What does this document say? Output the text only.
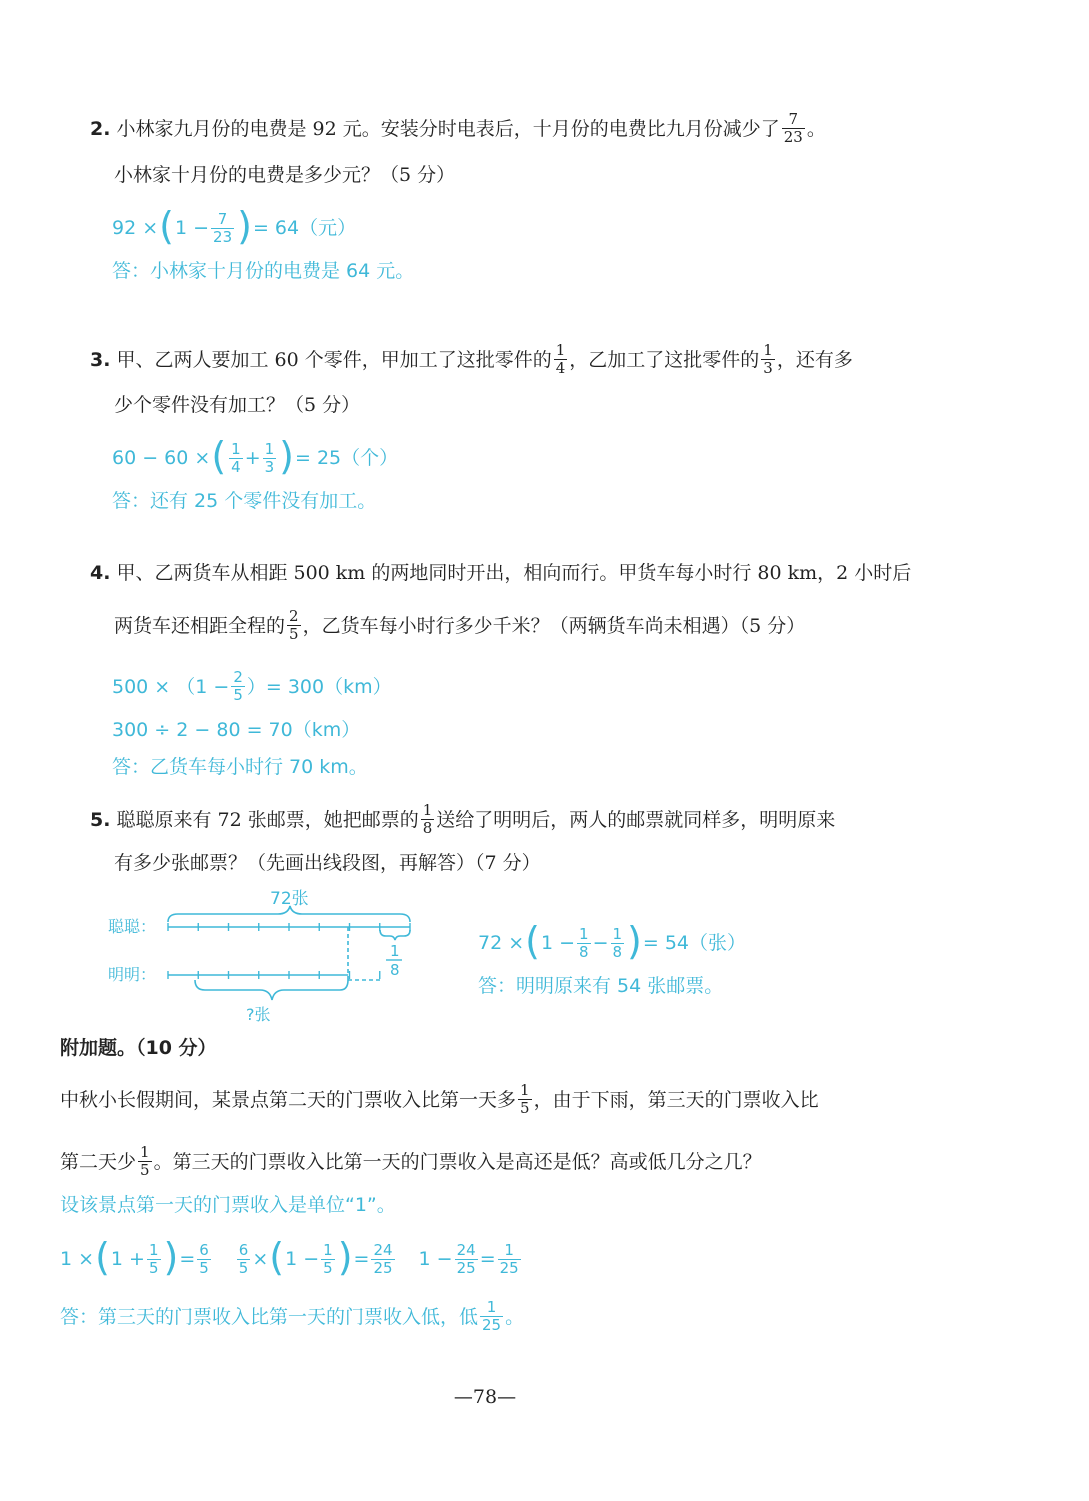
2. 小林家九月份的电费是 92 元。安装分时电表后，十月份的电费比九月份减少了 $\frac{7}{23}$ 。
小林家十月份的电费是多少元？（5 分）
92 × ( $1 - \frac{7}{23}$ ) = 64（元）
答：小林家十月份的电费是 64 元。
3. 甲、乙两人要加工 60 个零件，甲加工了这批零件的 $\frac{1}{4}$ ，乙加工了这批零件的 $\frac{1}{3}$ ，还有多
少个零件没有加工？（5 分）
60 − 60 × ( $\frac{1}{4} + \frac{1}{3}$ ) = 25（个）
答：还有 25 个零件没有加工。
4. 甲、乙两货车从相距 500 km 的两地同时开出，相向而行。甲货车每小时行 80 km，2 小时后
两货车还相距全程的 $\frac{2}{5}$ ，乙货车每小时行多少千米？（两辆货车尚未相遇）（5 分）
$500 \times (1 - \frac{2}{5}$ ）= 300（km）
300 ÷ 2 − 80 = 70（km）
答：乙货车每小时行 70 km。
5. 聪聪原来有 72 张邮票，她把邮票的 $\frac{1}{8}$ 送给了明明后，两人的邮票就同样多，明明原来
有多少张邮票？（先画出线段图，再解答）（7 分）
72张
聪聪：
明明：
1
8
?张
72 × ( $1 - \frac{1}{8} - \frac{1}{8}$ ) = 54（张）
答：明明原来有 54 张邮票。
附加题。（10 分）
中秋小长假期间，某景点第二天的门票收入比第一天多 $\frac{1}{5}$ ，由于下雨，第三天的门票收入比
第二天少 $\frac{1}{5}$ 。第三天的门票收入比第一天的门票收入是高还是低？高或低几分之几？
设该景点第一天的门票收入是单位“1”。
1 × ( $1 + \frac{1}{5}$ ) = $\frac{6}{5} \frac{6}{5}$ × ( $1 - \frac{1}{5}$ ) = $\frac{24}{25} 1 - \frac{24}{25} = \frac{1}{25}$
答：第三天的门票收入比第一天的门票收入低，低 $\frac{1}{25}$ 。
—78—
